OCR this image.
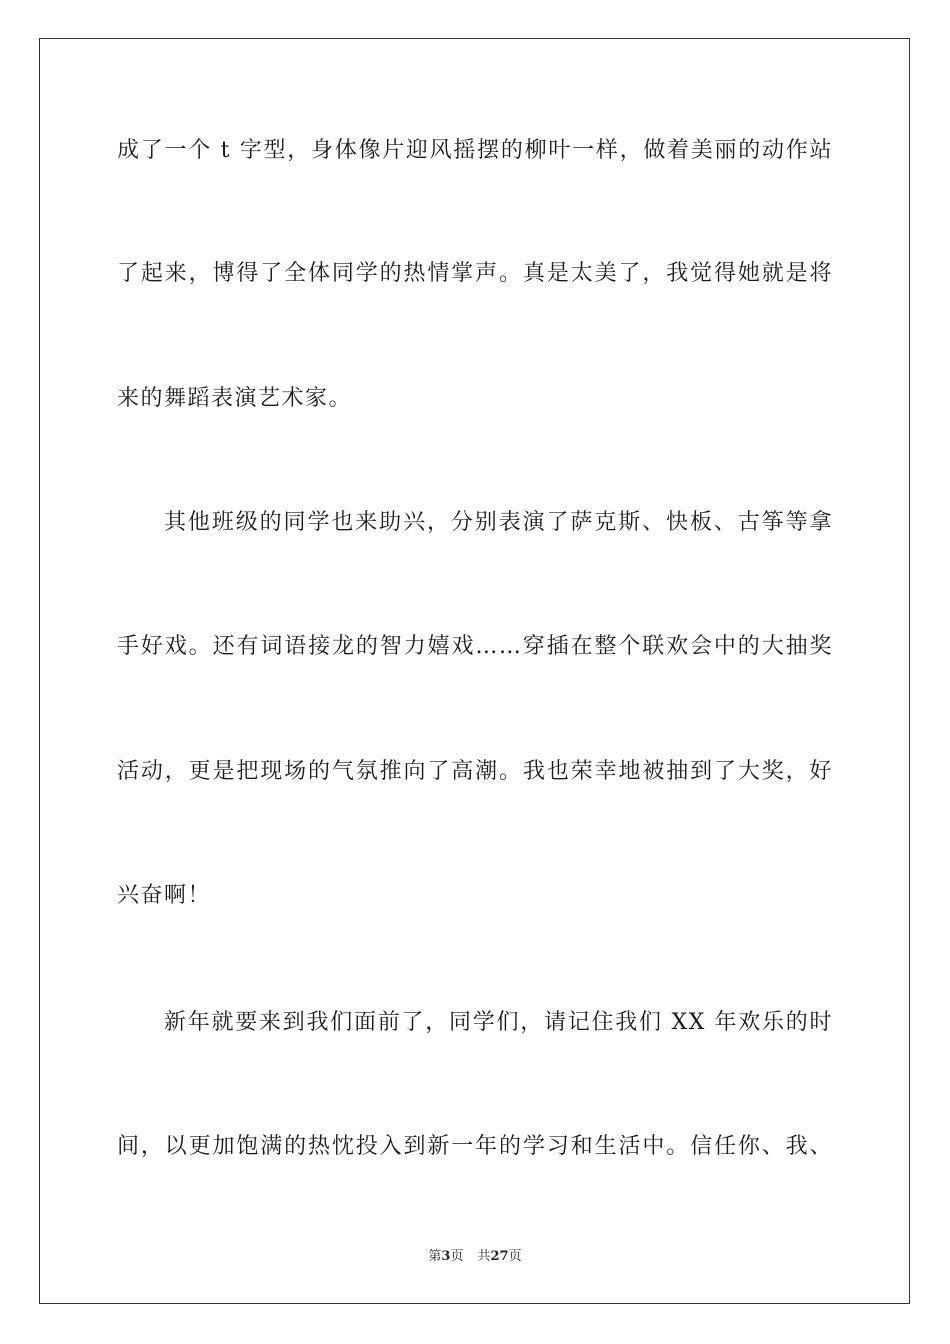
成了一个 t 字型，身体像片迎风摇摆的柳叶一样，做着美丽的动作站
了起来，博得了全体同学的热情掌声。真是太美了，我觉得她就是将
来的舞蹈表演艺术家。
其他班级的同学也来助兴，分别表演了萨克斯、快板、古筝等拿
手好戏。还有词语接龙的智力嬉戏……穿插在整个联欢会中的大抽奖
活动，更是把现场的气氛推向了高潮。我也荣幸地被抽到了大奖，好
兴奋啊！
新年就要来到我们面前了，同学们，请记住我们 XX 年欢乐的时
间，以更加饱满的热忱投入到新一年的学习和生活中。信任你、我、
第3页 共27页
